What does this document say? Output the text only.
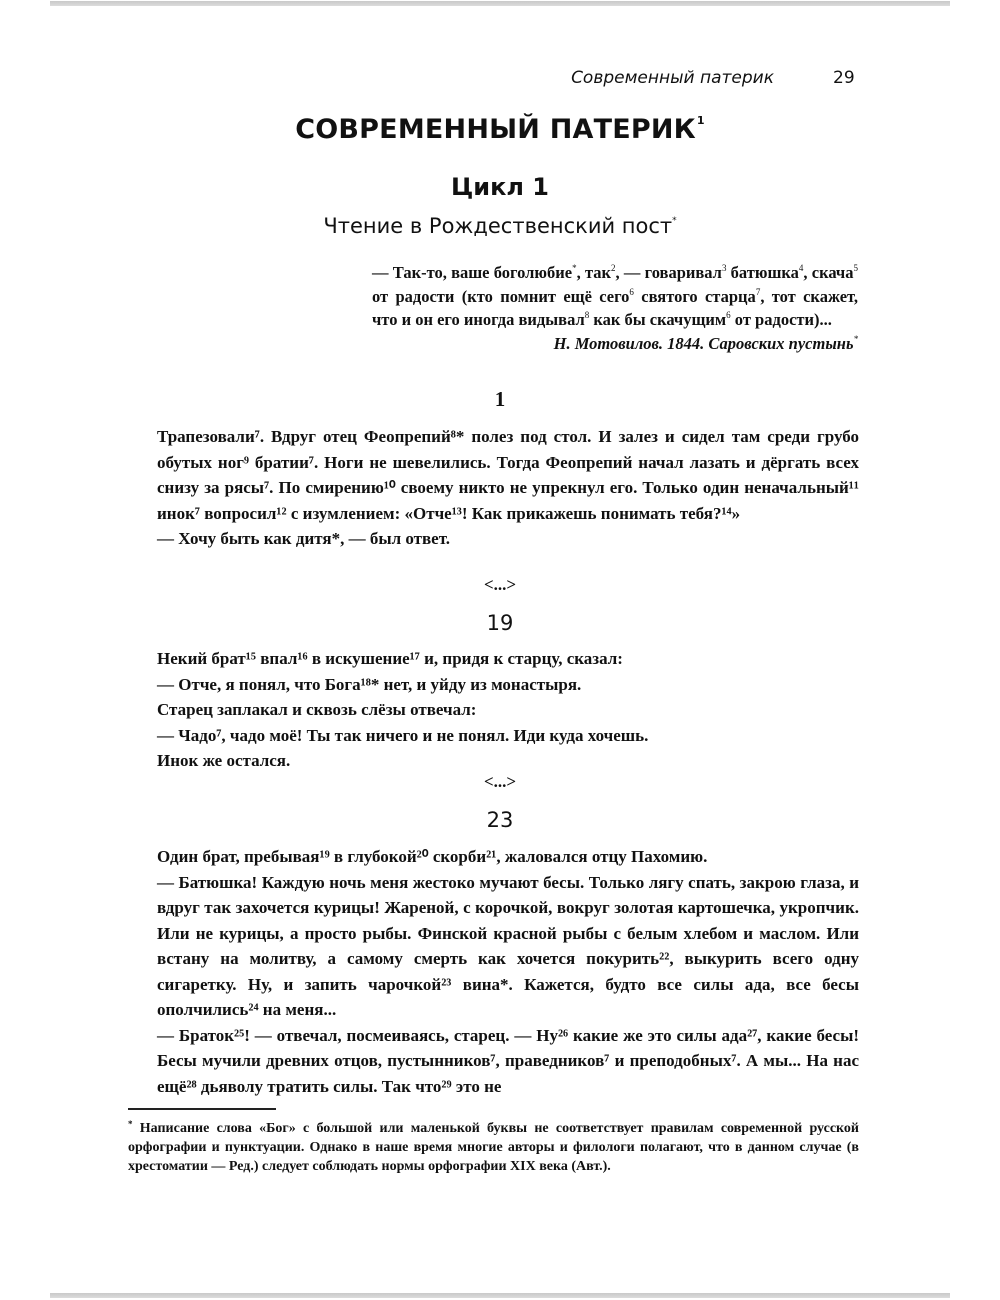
Современный патерик	29
СОВРЕМЕННЫЙ ПАТЕРИК$^1$
Цикл 1
Чтение в Рождественский пост*
— Так-то, ваше боголюбие*, так$^2$, — говаривал$^3$ батюшка$^4$, скача$^5$ от радости (кто помнит ещё сего$^6$ святого старца$^7$, тот скажет, что и он его иногда видывал$^8$ как бы скачущим$^6$ от радости)...
Н. Мотовилов. 1844. Саровских пустынь*
1

Трапезовали⁷. Вдруг отец Феопрепий⁸* полез под стол. И залез и сидел там среди грубо обутых ног⁹ братии⁷. Ноги не шевелились. Тогда Феопрепий начал лазать и дёргать всех снизу за рясы⁷. По смирению¹⁰ своему никто не упрекнул его. Только один неначальный¹¹ инок⁷ вопросил¹² с изумлением: «Отче¹³! Как прикажешь понимать тебя?¹⁴»

— Хочу быть как дитя*, — был ответ.

<...>
19

Некий брат¹⁵ впал¹⁶ в искушение¹⁷ и, придя к старцу, сказал:

— Отче, я понял, что Бога¹⁸* нет, и уйду из монастыря.

Старец заплакал и сквозь слёзы отвечал:

— Чадо⁷, чадо моё! Ты так ничего и не понял. Иди куда хочешь.

Инок же остался.

<...>
23

Один брат, пребывая¹⁹ в глубокой²⁰ скорби²¹, жаловался отцу Пахомию.

— Батюшка! Каждую ночь меня жестоко мучают бесы. Только лягу спать, закрою глаза, и вдруг так захочется курицы! Жареной, с корочкой, вокруг золотая картошечка, укропчик. Или не курицы, а просто рыбы. Финской красной рыбы с белым хлебом и маслом. Или встану на молитву, а самому смерть как хочется покурить²², выкурить всего одну сигаретку. Ну, и запить чарочкой²³ вина*. Кажется, будто все силы ада, все бесы ополчились²⁴ на меня...

— Браток²⁵! — отвечал, посмеиваясь, старец. — Ну²⁶ какие же это силы ада²⁷, какие бесы! Бесы мучили древних отцов, пустынников⁷, праведников⁷ и преподобных⁷. А мы... На нас ещё²⁸ дьяволу тратить силы. Так что²⁹ это не

* Написание слова «Бог» с большой или маленькой буквы не соответствует правилам современной русской орфографии и пунктуации. Однако в наше время многие авторы и филологи полагают, что в данном случае (в хрестоматии — Ред.) следует соблюдать нормы орфографии XIX века (Авт.).
